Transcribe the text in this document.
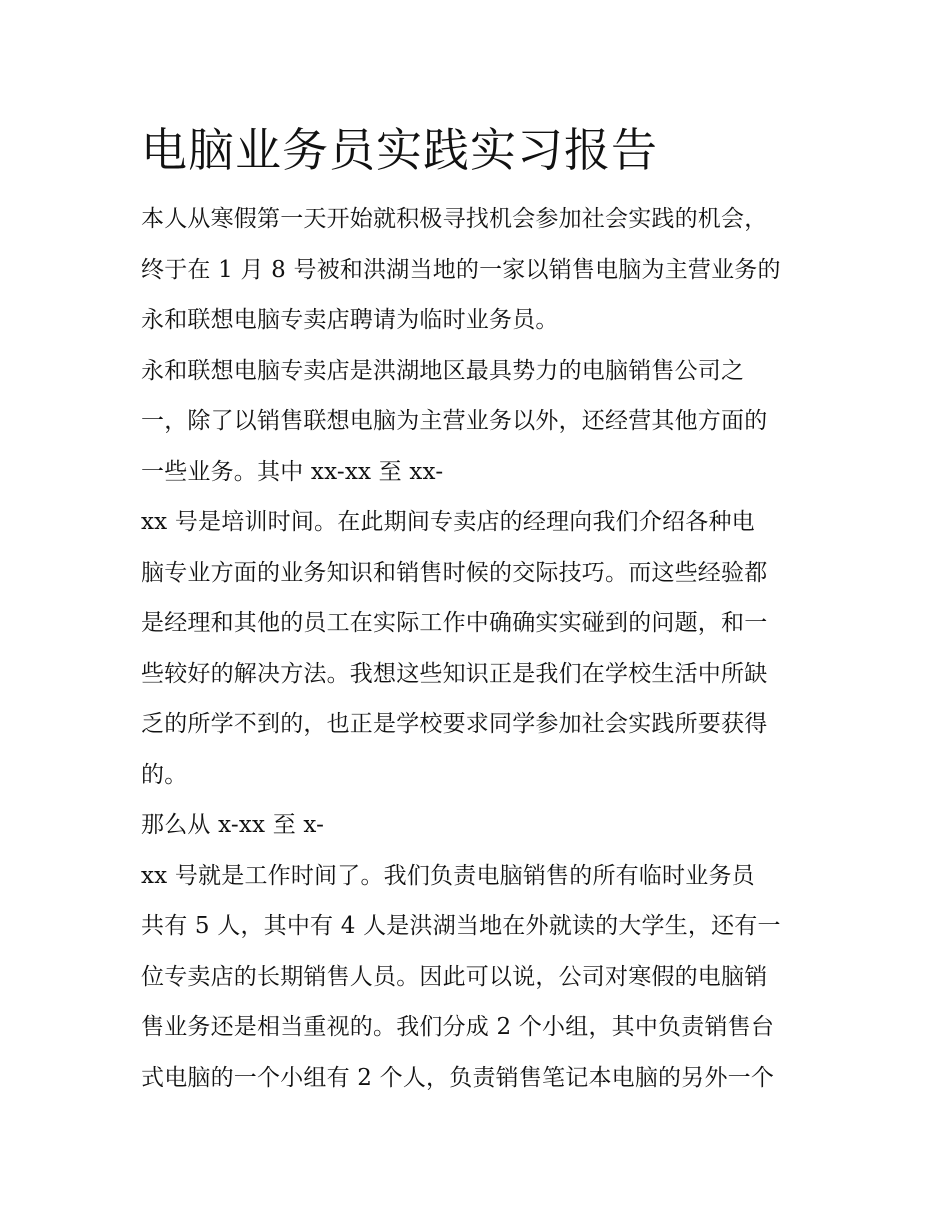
电脑业务员实践实习报告
本人从寒假第一天开始就积极寻找机会参加社会实践的机会，
终于在 1 月 8 号被和洪湖当地的一家以销售电脑为主营业务的
永和联想电脑专卖店聘请为临时业务员。
永和联想电脑专卖店是洪湖地区最具势力的电脑销售公司之
一，除了以销售联想电脑为主营业务以外，还经营其他方面的
一些业务。其中 xx-xx 至 xx-
xx 号是培训时间。在此期间专卖店的经理向我们介绍各种电
脑专业方面的业务知识和销售时候的交际技巧。而这些经验都
是经理和其他的员工在实际工作中确确实实碰到的问题，和一
些较好的解决方法。我想这些知识正是我们在学校生活中所缺
乏的所学不到的，也正是学校要求同学参加社会实践所要获得
的。
那么从 x-xx 至 x-
xx 号就是工作时间了。我们负责电脑销售的所有临时业务员
共有 5 人，其中有 4 人是洪湖当地在外就读的大学生，还有一
位专卖店的长期销售人员。因此可以说，公司对寒假的电脑销
售业务还是相当重视的。我们分成 2 个小组，其中负责销售台
式电脑的一个小组有 2 个人，负责销售笔记本电脑的另外一个
